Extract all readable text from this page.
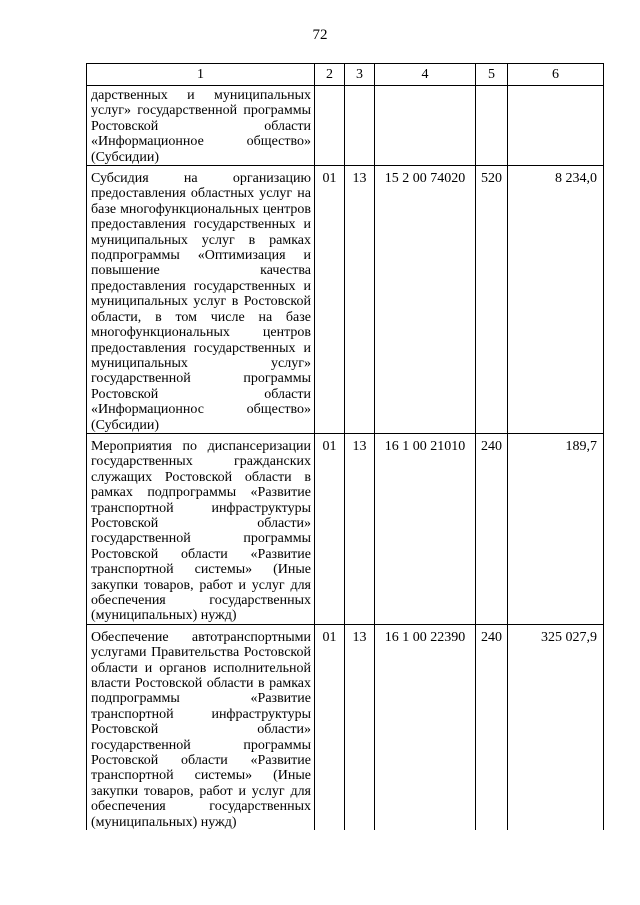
72
1	2	3	4	5	6
дарственных и муниципальных услуг» государственной программы Ростовской области «Информационное общество» (Субсидии)					
Субсидия на организацию предоставления областных услуг на базе многофункциональных центров предоставления государственных и муниципальных услуг в рамках подпрограммы «Оптимизация и повышение качества предоставления государственных и муниципальных услуг в Ростовской области, в том числе на базе многофункциональных центров предоставления государственных и муниципальных услуг» государственной программы Ростовской области «Информационнос общество» (Субсидии)	01	13	15 2 00 74020	520	8 234,0
Мероприятия по диспансеризации государственных гражданских служащих Ростовской области в рамках подпрограммы «Развитие транспортной инфраструктуры Ростовской области» государственной программы Ростовской области «Развитие транспортной системы» (Иные закупки товаров, работ и услуг для обеспечения государственных (муниципальных) нужд)	01	13	16 1 00 21010	240	189,7
Обеспечение автотранспортными услугами Правительства Ростовской области и органов исполнительной власти Ростовской области в рамках подпрограммы «Развитие транспортной инфраструктуры Ростовской области» государственной программы Ростовской области «Развитие транспортной системы» (Иные закупки товаров, работ и услуг для обеспечения государственных (муниципальных) нужд)	01	13	16 1 00 22390	240	325 027,9
